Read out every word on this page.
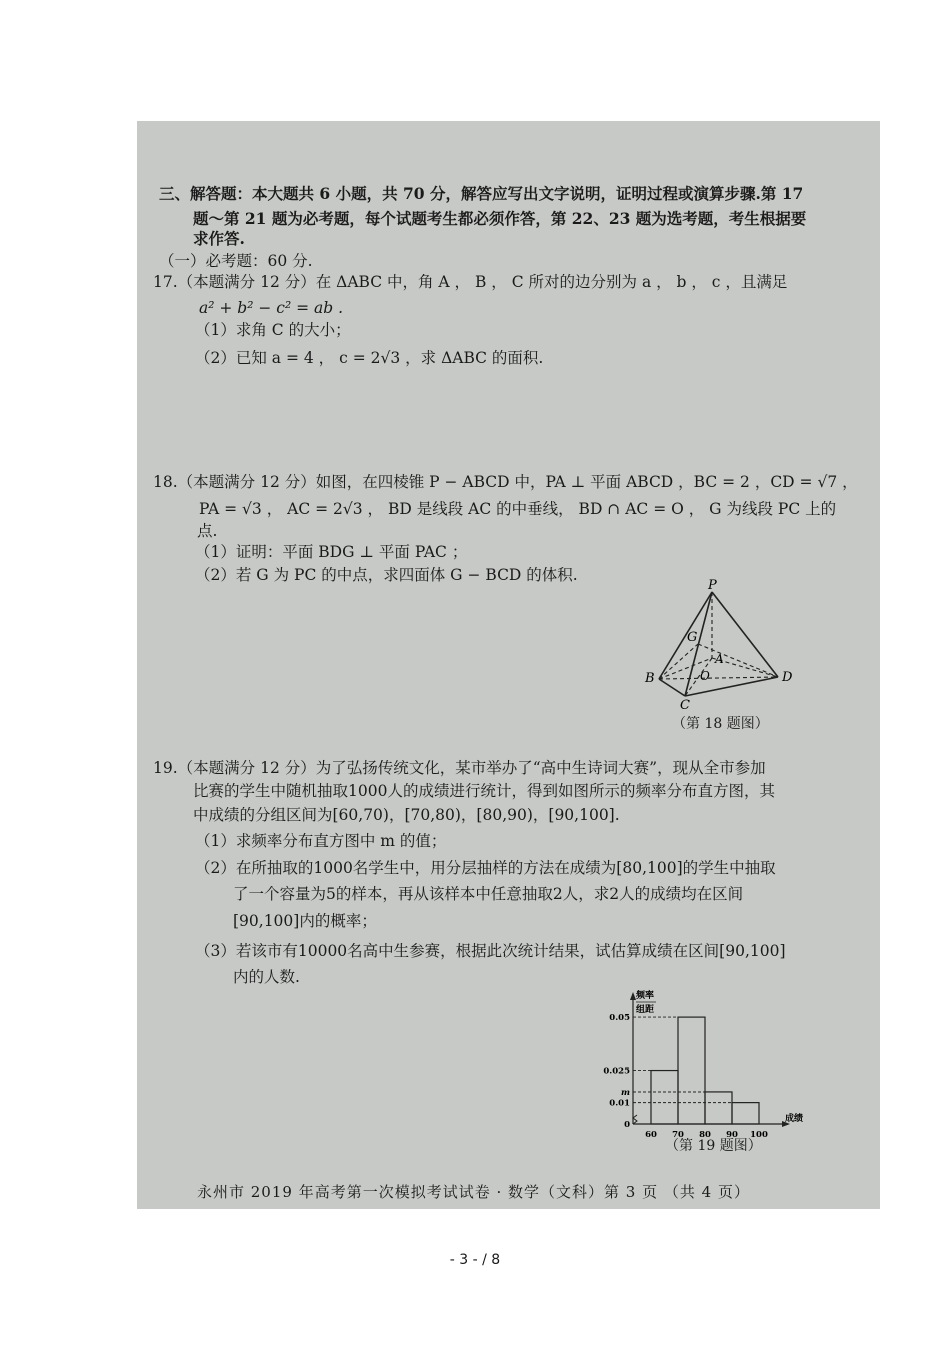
三、解答题：本大题共 6 小题，共 70 分，解答应写出文字说明，证明过程或演算步骤.第 17
题～第 21 题为必考题，每个试题考生都必须作答，第 22、23 题为选考题，考生根据要
求作答.
（一）必考题：60 分.
17.（本题满分 12 分）在 ΔABC 中，角 A ， B ， C 所对的边分别为 a ， b ， c ，且满足
a² + b² − c² = ab .
（1）求角 C 的大小；
（2）已知 a = 4 ， c = 2√3 ，求 ΔABC 的面积.
18.（本题满分 12 分）如图，在四棱锥 P − ABCD 中，PA ⊥ 平面 ABCD ，BC = 2 ，CD = √7 ，
PA = √3 ， AC = 2√3 ， BD 是线段 AC 的中垂线， BD ∩ AC = O ， G 为线段 PC 上的
点.
（1）证明：平面 BDG ⊥ 平面 PAC ；
（2）若 G 为 PC 的中点，求四面体 G − BCD 的体积.
P
G
A
O
B
C
D
（第 18 题图）
19.（本题满分 12 分）为了弘扬传统文化，某市举办了“高中生诗词大赛”，现从全市参加
比赛的学生中随机抽取1000人的成绩进行统计，得到如图所示的频率分布直方图，其
中成绩的分组区间为[60,70)，[70,80)，[80,90)，[90,100].
（1）求频率分布直方图中 m 的值；
（2）在所抽取的1000名学生中，用分层抽样的方法在成绩为[80,100]的学生中抽取
了一个容量为5的样本，再从该样本中任意抽取2人，求2人的成绩均在区间
[90,100]内的概率；
（3）若该市有10000名高中生参赛，根据此次统计结果，试估算成绩在区间[90,100]
内的人数.
0.05
0.025
m
0.01
0
60 70 80 90 100
频率
组距
成绩
（第 19 题图）
永州市 2019 年高考第一次模拟考试试卷 · 数学（文科）第 3 页 （共 4 页）
- 3 - / 8
